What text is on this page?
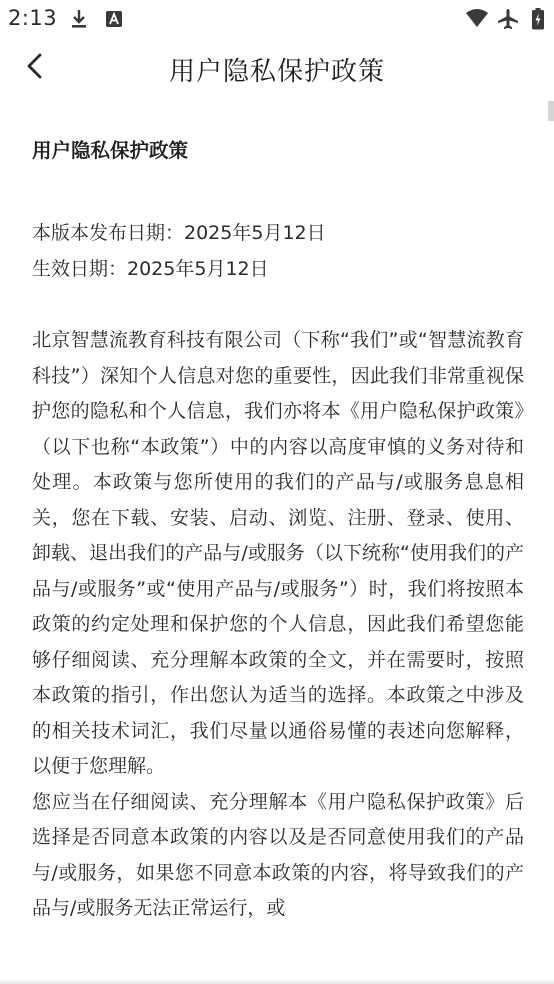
2:13
用户隐私保护政策
用户隐私保护政策
本版本发布日期：2025年5月12日
生效日期：2025年5月12日

北京智慧流教育科技有限公司（下称“我们”或“智慧流教育科技”）深知个人信息对您的重要性，因此我们非常重视保护您的隐私和个人信息，我们亦将本《用户隐私保护政策》（以下也称“本政策”）中的内容以高度审慎的义务对待和处理。本政策与您所使用的我们的产品与/或服务息息相关，您在下载、安装、启动、浏览、注册、登录、使用、卸载、退出我们的产品与/或服务（以下统称“使用我们的产品与/或服务”或“使用产品与/或服务”）时，我们将按照本政策的约定处理和保护您的个人信息，因此我们希望您能够仔细阅读、充分理解本政策的全文，并在需要时，按照本政策的指引，作出您认为适当的选择。本政策之中涉及的相关技术词汇，我们尽量以通俗易懂的表述向您解释，以便于您理解。

您应当在仔细阅读、充分理解本《用户隐私保护政策》后选择是否同意本政策的内容以及是否同意使用我们的产品与/或服务，如果您不同意本政策的内容，将导致我们的产品与/或服务无法正常运行，或
